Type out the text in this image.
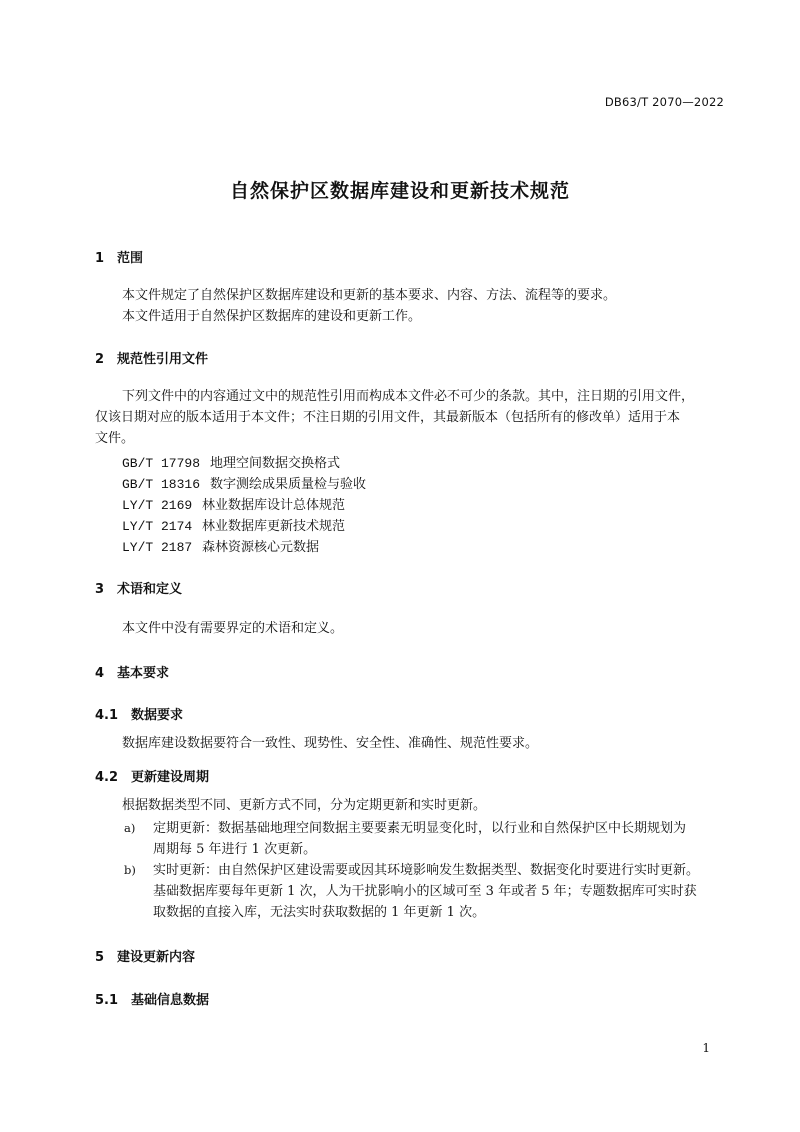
DB63/T 2070—2022
自然保护区数据库建设和更新技术规范
1 范围
本文件规定了自然保护区数据库建设和更新的基本要求、内容、方法、流程等的要求。
本文件适用于自然保护区数据库的建设和更新工作。
2 规范性引用文件
下列文件中的内容通过文中的规范性引用而构成本文件必不可少的条款。其中，注日期的引用文件，
仅该日期对应的版本适用于本文件；不注日期的引用文件，其最新版本（包括所有的修改单）适用于本
文件。
GB/T 17798 地理空间数据交换格式
GB/T 18316 数字测绘成果质量检与验收
LY/T 2169 林业数据库设计总体规范
LY/T 2174 林业数据库更新技术规范
LY/T 2187 森林资源核心元数据
3 术语和定义
本文件中没有需要界定的术语和定义。
4 基本要求
4.1 数据要求
数据库建设数据要符合一致性、现势性、安全性、准确性、规范性要求。
4.2 更新建设周期
根据数据类型不同、更新方式不同，分为定期更新和实时更新。
a) 定期更新：数据基础地理空间数据主要要素无明显变化时，以行业和自然保护区中长期规划为
周期每 5 年进行 1 次更新。
b) 实时更新：由自然保护区建设需要或因其环境影响发生数据类型、数据变化时要进行实时更新。
基础数据库要每年更新 1 次，人为干扰影响小的区域可至 3 年或者 5 年；专题数据库可实时获
取数据的直接入库，无法实时获取数据的 1 年更新 1 次。
5 建设更新内容
5.1 基础信息数据
1
